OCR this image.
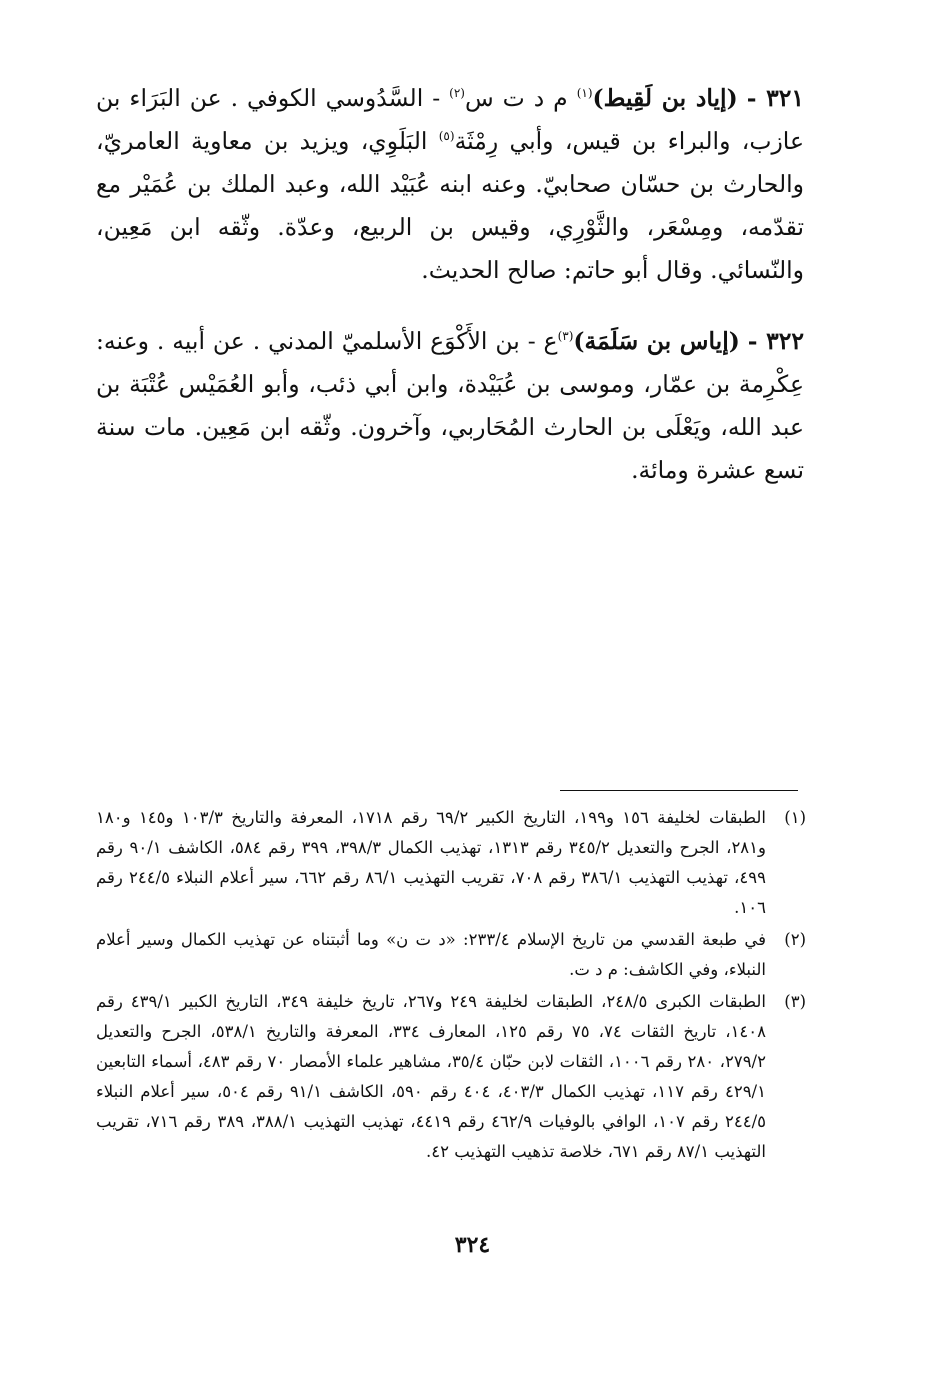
٣٢١ - (إياد بن لَقِيط)$^{(١)}$ م د ت س$^{(٢)}$ - السَّدُوسي الكوفي . عن البَرَاء بن عازب، والبراء بن قيس، وأبي رِمْثَة$^{(٥)}$ البَلَوِي، ويزيد بن معاوية العامريّ، والحارث بن حسّان صحابيّ. وعنه ابنه عُبَيْد الله، وعبد الملك بن عُمَيْر مع تقدّمه، ومِسْعَر، والثَّوْرِي، وقيس بن الربيع، وعدّة. وثّقه ابن مَعِين، والنّسائي. وقال أبو حاتم: صالح الحديث.
٣٢٢ - (إياس بن سَلَمَة)$^{(٣)}$ع - بن الأَكْوَع الأسلميّ المدني . عن أبيه . وعنه: عِكْرِمة بن عمّار، وموسى بن عُبَيْدة، وابن أبي ذئب، وأبو العُمَيْس عُتْبَة بن عبد الله، ويَعْلَى بن الحارث المُحَاربي، وآخرون. وثّقه ابن مَعِين. مات سنة تسع عشرة ومائة.
(١)
الطبقات لخليفة ١٥٦ و١٩٩، التاريخ الكبير ٦٩/٢ رقم ١٧١٨، المعرفة والتاريخ ١٠٣/٣ و١٤٥ و١٨٠ و٢٨١، الجرح والتعديل ٣٤٥/٢ رقم ١٣١٣، تهذيب الكمال ٣٩٨/٣، ٣٩٩ رقم ٥٨٤، الكاشف ٩٠/١ رقم ٤٩٩، تهذيب التهذيب ٣٨٦/١ رقم ٧٠٨، تقريب التهذيب ٨٦/١ رقم ٦٦٢، سير أعلام النبلاء ٢٤٤/٥ رقم ١٠٦.
(٢)
في طبعة القدسي من تاريخ الإسلام ٢٣٣/٤: «د ت ن» وما أثبتناه عن تهذيب الكمال وسير أعلام النبلاء، وفي الكاشف: م د ت.
(٣)
الطبقات الكبرى ٢٤٨/٥، الطبقات لخليفة ٢٤٩ و٢٦٧، تاريخ خليفة ٣٤٩، التاريخ الكبير ٤٣٩/١ رقم ١٤٠٨، تاريخ الثقات ٧٤، ٧٥ رقم ١٢٥، المعارف ٣٣٤، المعرفة والتاريخ ٥٣٨/١، الجرح والتعديل ٢٧٩/٢، ٢٨٠ رقم ١٠٠٦، الثقات لابن حبّان ٣٥/٤، مشاهير علماء الأمصار ٧٠ رقم ٤٨٣، أسماء التابعين ٤٢٩/١ رقم ١١٧، تهذيب الكمال ٤٠٣/٣، ٤٠٤ رقم ٥٩٠، الكاشف ٩١/١ رقم ٥٠٤، سير أعلام النبلاء ٢٤٤/٥ رقم ١٠٧، الوافي بالوفيات ٤٦٢/٩ رقم ٤٤١٩، تهذيب التهذيب ٣٨٨/١، ٣٨٩ رقم ٧١٦، تقريب التهذيب ٨٧/١ رقم ٦٧١، خلاصة تذهيب التهذيب ٤٢.
٣٢٤
